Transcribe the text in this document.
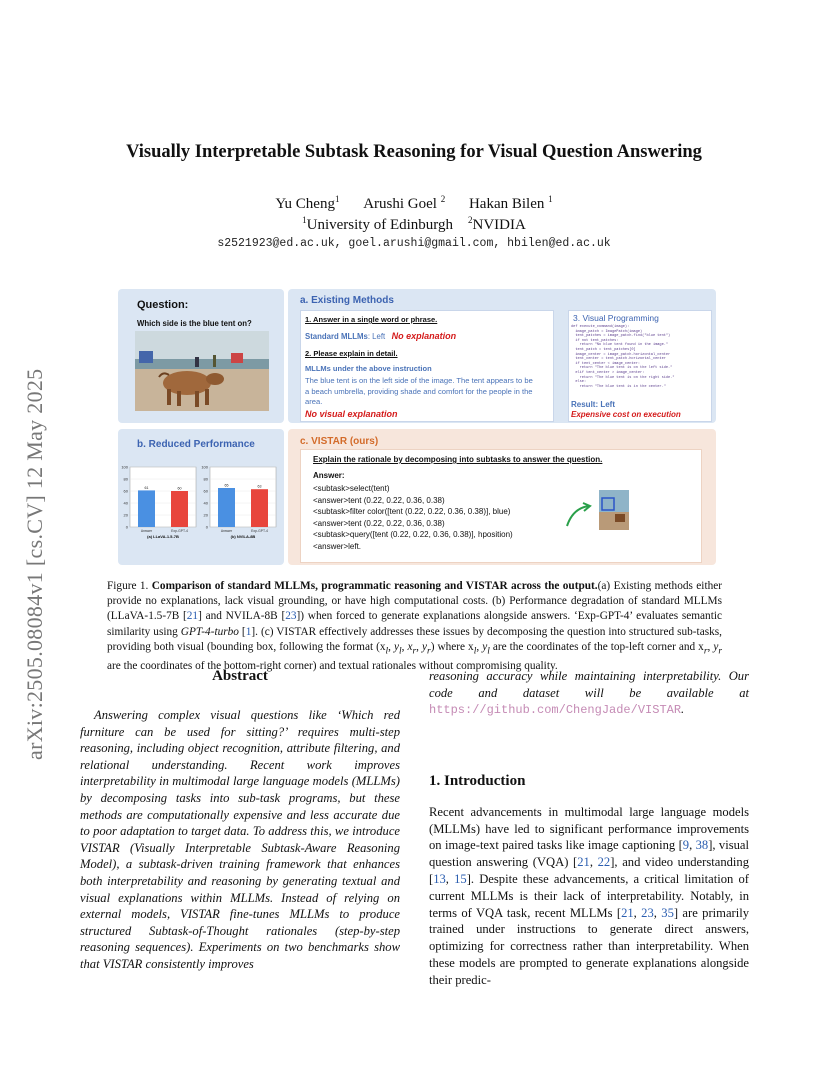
arXiv:2505.08084v1 [cs.CV] 12 May 2025
Visually Interpretable Subtask Reasoning for Visual Question Answering
Yu Cheng$^1$ Arushi Goel $^2$ Hakan Bilen $^1$
$^1$University of Edinburgh $^2$NVIDIA
s2521923@ed.ac.uk, goel.arushi@gmail.com, hbilen@ed.ac.uk
Question:
Which side is the blue tent on?
a. Existing Methods
1. Answer in a single word or phrase.
Standard MLLMs: Left No explanation
2. Please explain in detail.
MLLMs under the above instruction
The blue tent is on the left side of the image. The tent appears to be a beach umbrella, providing shade and comfort for the people in the area.
No visual explanation
3. Visual Programming
def execute_command(image):
image_patch = ImagePatch(image)
tent_patches = image_patch.find("blue tent")
if not tent_patches:
return "No blue tent found in the image."
tent_patch = tent_patches[0]
image_center = image_patch.horizontal_center
tent_center = tent_patch.horizontal_center
if tent_center < image_center:
return "The blue tent is on the left side."
elif tent_center > image_center:
return "The blue tent is on the right side."
else:
return "The blue tent is in the center."
Result: Left
Expensive cost on execution
b. Reduced Performance
0
20
40
60
80
100
61
Answer
60
Exp-GPT-4
(a) LLaVA-1.5-7B
0
20
40
60
80
100
65
Answer
63
Exp-GPT-4
(b) NVILA-8B
c. VISTAR (ours)
Explain the rationale by decomposing into subtasks to answer the question.
Answer:
<subtask>select(tent)
<answer>tent (0.22, 0.22, 0.36, 0.38)
<subtask>filter color([tent (0.22, 0.22, 0.36, 0.38)], blue)
<answer>tent (0.22, 0.22, 0.36, 0.38)
<subtask>query([tent (0.22, 0.22, 0.36, 0.38)], hposition)
<answer>left.
Figure 1. Comparison of standard MLLMs, programmatic reasoning and VISTAR across the output.(a) Existing methods either provide no explanations, lack visual grounding, or have high computational costs. (b) Performance degradation of standard MLLMs (LLaVA-1.5-7B [21] and NVILA-8B [23]) when forced to generate explanations alongside answers. ‘Exp-GPT-4’ evaluates semantic similarity using GPT-4-turbo [1]. (c) VISTAR effectively addresses these issues by decomposing the question into structured sub-tasks, providing both visual (bounding box, following the format ($x_l$, $y_l$, $x_r$, $y_r$) where $x_l$, $y_l$ are the coordinates of the top-left corner and $x_r$, $y_r$ are the coordinates of the bottom-right corner) and textual rationales without compromising quality.
Abstract
Answering complex visual questions like ‘Which red furniture can be used for sitting?’ requires multi-step reasoning, including object recognition, attribute filtering, and relational understanding. Recent work improves interpretability in multimodal large language models (MLLMs) by decomposing tasks into sub-task programs, but these methods are computationally expensive and less accurate due to poor adaptation to target data. To address this, we introduce VISTAR (Visually Interpretable Subtask-Aware Reasoning Model), a subtask-driven training framework that enhances both interpretability and reasoning by generating textual and visual explanations within MLLMs. Instead of relying on external models, VISTAR fine-tunes MLLMs to produce structured Subtask-of-Thought rationales (step-by-step reasoning sequences). Experiments on two benchmarks show that VISTAR consistently improves
reasoning accuracy while maintaining interpretability. Our code and dataset will be available at https://github.com/ChengJade/VISTAR.
1. Introduction
Recent advancements in multimodal large language models (MLLMs) have led to significant performance improvements on image-text paired tasks like image captioning [9, 38], visual question answering (VQA) [21, 22], and video understanding [13, 15]. Despite these advancements, a critical limitation of current MLLMs is their lack of interpretability. Notably, in terms of VQA task, recent MLLMs [21, 23, 35] are primarily trained under instructions to generate direct answers, optimizing for correctness rather than interpretability. When these models are prompted to generate explanations alongside their predic-
